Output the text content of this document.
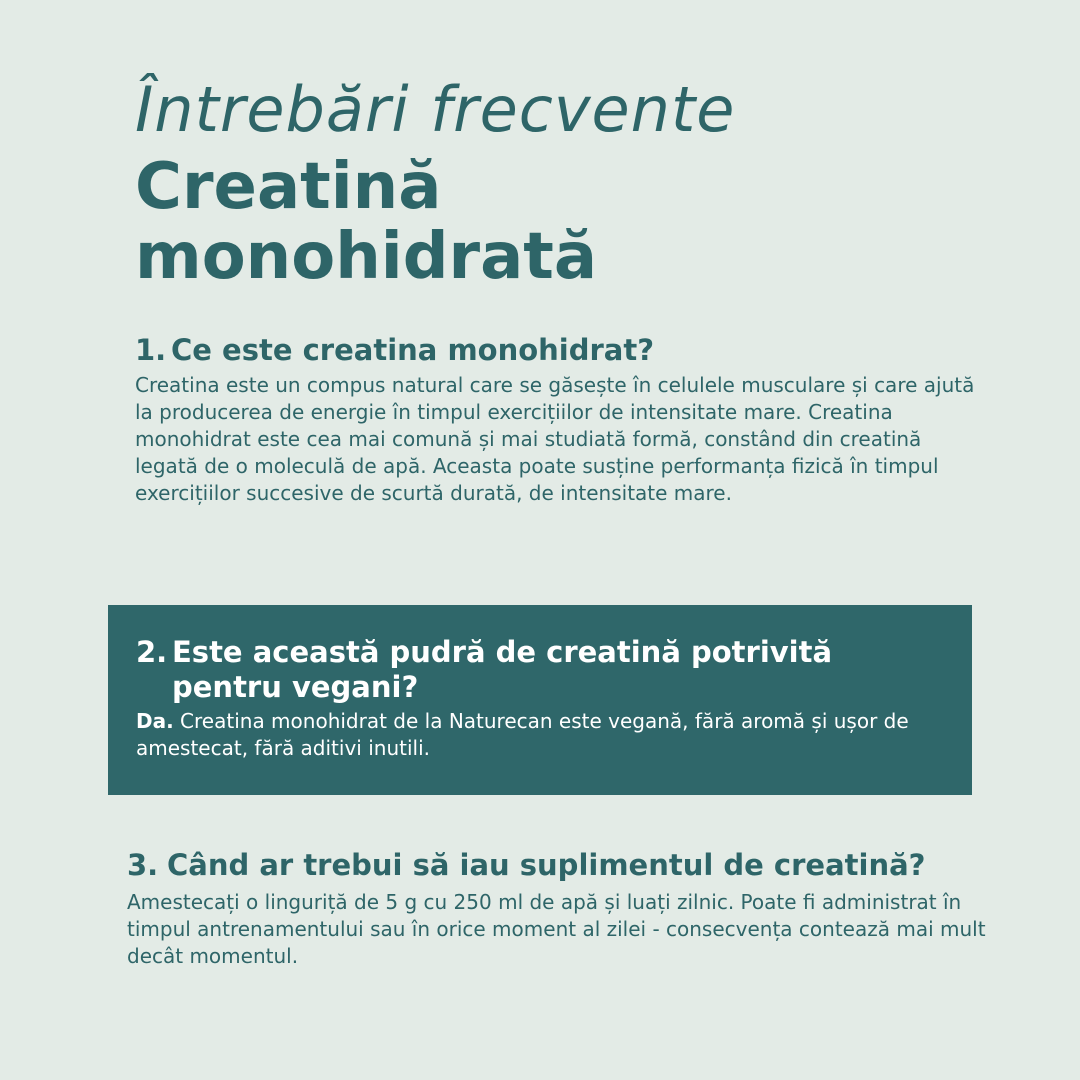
Întrebări frecvente
Creatină
monohidrată
1. Ce este creatina monohidrat?
Creatina este un compus natural care se găsește în celulele musculare și care ajută la producerea de energie în timpul exercițiilor de intensitate mare. Creatina monohidrat este cea mai comună și mai studiată formă, constând din creatină legată de o moleculă de apă. Aceasta poate susține performanța fizică în timpul exercițiilor succesive de scurtă durată, de intensitate mare.
2. Este această pudră de creatină potrivită pentru vegani?
Da. Creatina monohidrat de la Naturecan este vegană, fără aromă și ușor de amestecat, fără aditivi inutili.
3. Când ar trebui să iau suplimentul de creatină?
Amestecați o linguriță de 5 g cu 250 ml de apă și luați zilnic. Poate fi administrat în timpul antrenamentului sau în orice moment al zilei - consecvența contează mai mult decât momentul.
